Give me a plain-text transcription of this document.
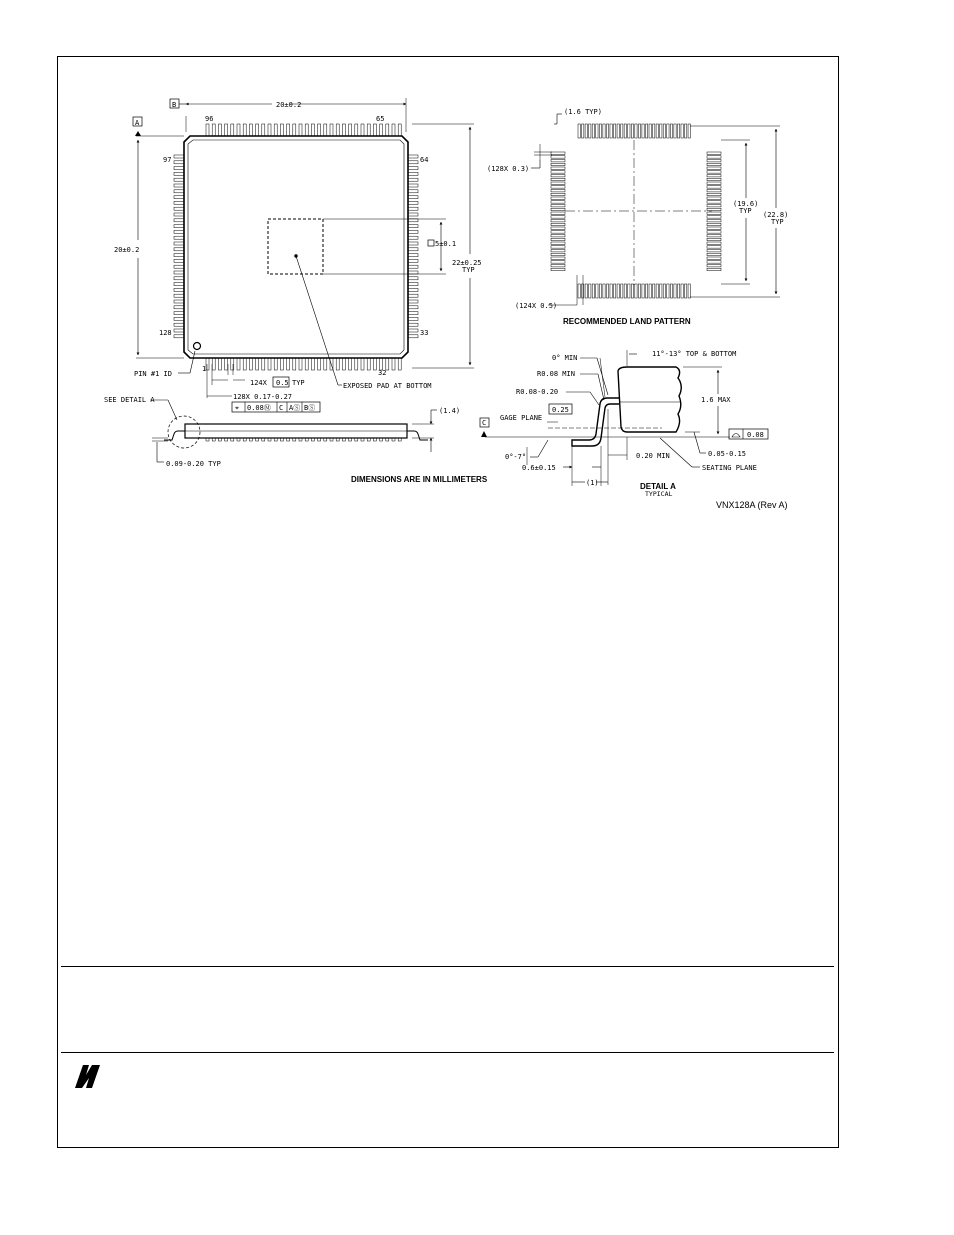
20±0.2
B
A
20±0.2
22±0.25
TYP
5±0.1
96	65
97	64
128	33
1	32
PIN #1 ID
124X 0.5 TYP
128X 0.17-0.27
⌖ 0.08Ⓜ C AⓈ BⓈ
EXPOSED PAD AT BOTTOM
SEE DETAIL A
(1.4)
0.09-0.20 TYP
(1.6 TYP)
(128X 0.3)
(124X 0.5)
(19.6)
TYP (22.8)
TYP
0° MIN	11°-13° TOP & BOTTOM
R0.08 MIN
R0.08-0.20
0.25
GAGE PLANE
C
1.6 MAX
0.08
0°-7°	0.05-0.15
0.6±0.15
0.20 MIN
SEATING PLANE
(1)
TYPICAL
RECOMMENDED LAND PATTERN
DIMENSIONS ARE IN MILLIMETERS
DETAIL A
VNX128A (Rev A)
